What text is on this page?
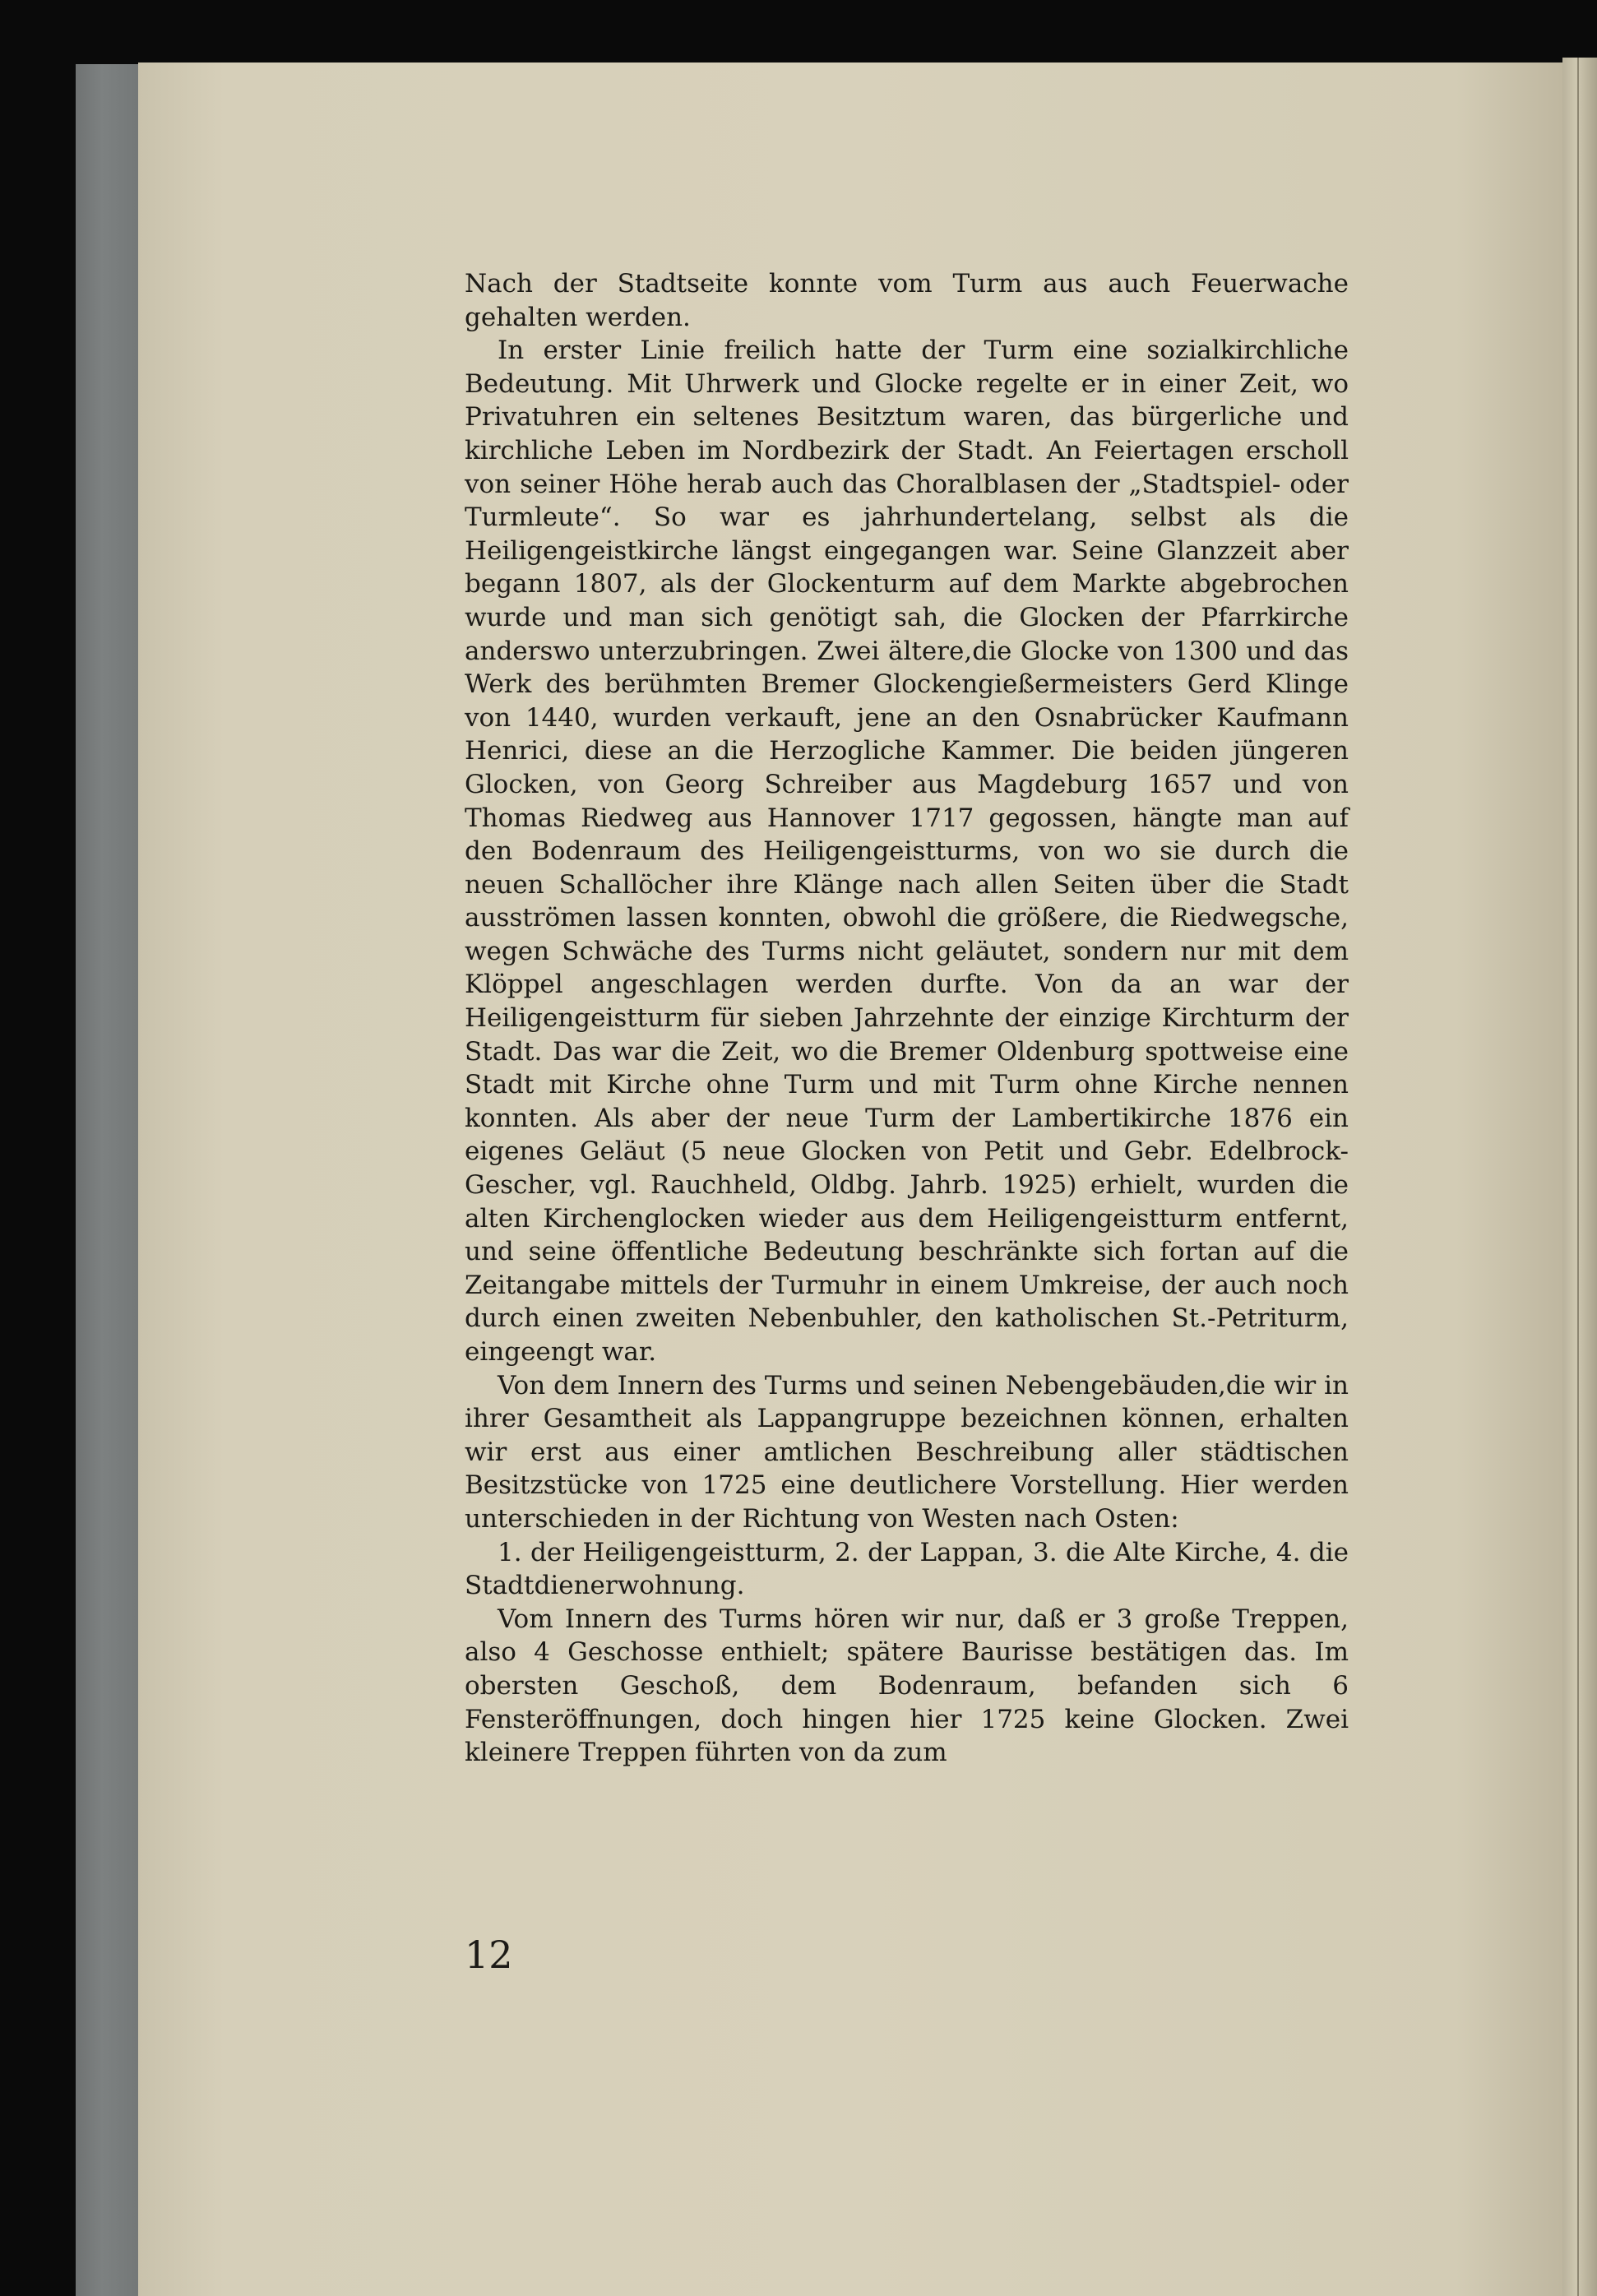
Nach der Stadtseite konnte vom Turm aus auch Feuerwache gehalten werden.

In erster Linie freilich hatte der Turm eine sozialkirchliche Bedeutung. Mit Uhrwerk und Glocke regelte er in einer Zeit, wo Privatuhren ein seltenes Besitztum waren, das bürgerliche und kirchliche Leben im Nordbezirk der Stadt. An Feiertagen erscholl von seiner Höhe herab auch das Choralblasen der „Stadtspiel- oder Turmleute“. So war es jahrhundertelang, selbst als die Heiligengeistkirche längst eingegangen war. Seine Glanzzeit aber begann 1807, als der Glockenturm auf dem Markte abgebrochen wurde und man sich genötigt sah, die Glocken der Pfarrkirche anderswo unterzubringen. Zwei ältere,die Glocke von 1300 und das Werk des berühmten Bremer Glockengießermeisters Gerd Klinge von 1440, wurden verkauft, jene an den Osnabrücker Kaufmann Henrici, diese an die Herzogliche Kammer. Die beiden jüngeren Glocken, von Georg Schreiber aus Magdeburg 1657 und von Thomas Riedweg aus Hannover 1717 gegossen, hängte man auf den Bodenraum des Heiligengeistturms, von wo sie durch die neuen Schallöcher ihre Klänge nach allen Seiten über die Stadt ausströmen lassen konnten, obwohl die größere, die Riedwegsche, wegen Schwäche des Turms nicht geläutet, sondern nur mit dem Klöppel angeschlagen werden durfte. Von da an war der Heiligengeistturm für sieben Jahrzehnte der einzige Kirchturm der Stadt. Das war die Zeit, wo die Bremer Oldenburg spottweise eine Stadt mit Kirche ohne Turm und mit Turm ohne Kirche nennen konnten. Als aber der neue Turm der Lambertikirche 1876 ein eigenes Geläut (5 neue Glocken von Petit und Gebr. Edelbrock-Gescher, vgl. Rauchheld, Oldbg. Jahrb. 1925) erhielt, wurden die alten Kirchenglocken wieder aus dem Heiligengeistturm entfernt, und seine öffentliche Bedeutung beschränkte sich fortan auf die Zeitangabe mittels der Turmuhr in einem Umkreise, der auch noch durch einen zweiten Nebenbuhler, den katholischen St.-Petriturm, eingeengt war.

Von dem Innern des Turms und seinen Nebengebäuden,die wir in ihrer Gesamtheit als Lappangruppe bezeichnen können, erhalten wir erst aus einer amtlichen Beschreibung aller städtischen Besitzstücke von 1725 eine deutlichere Vorstellung. Hier werden unterschieden in der Richtung von Westen nach Osten:

1. der Heiligengeistturm, 2. der Lappan, 3. die Alte Kirche, 4. die Stadtdienerwohnung.

Vom Innern des Turms hören wir nur, daß er 3 große Treppen, also 4 Geschosse enthielt; spätere Baurisse bestätigen das. Im obersten Geschoß, dem Bodenraum, befanden sich 6 Fensteröffnungen, doch hingen hier 1725 keine Glocken. Zwei kleinere Treppen führten von da zum

12
